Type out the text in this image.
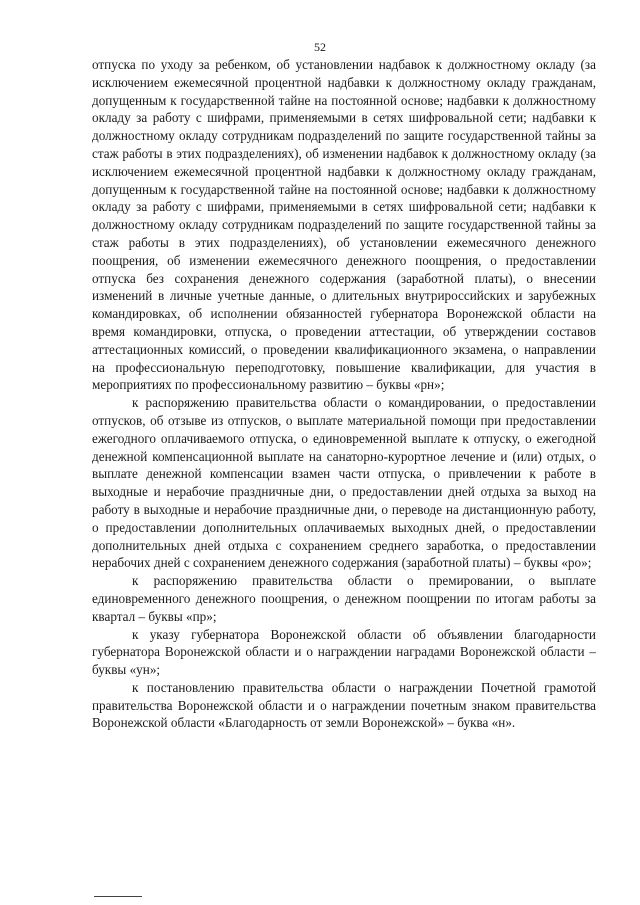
52

отпуска по уходу за ребенком, об установлении надбавок к должностному окладу (за исключением ежемесячной процентной надбавки к должностному окладу гражданам, допущенным к государственной тайне на постоянной основе; надбавки к должностному окладу за работу с шифрами, применяемыми в сетях шифровальной сети; надбавки к должностному окладу сотрудникам подразделений по защите государственной тайны за стаж работы в этих подразделениях), об изменении надбавок к должностному окладу (за исключением ежемесячной процентной надбавки к должностному окладу гражданам, допущенным к государственной тайне на постоянной основе; надбавки к должностному окладу за работу с шифрами, применяемыми в сетях шифровальной сети; надбавки к должностному окладу сотрудникам подразделений по защите государственной тайны за стаж работы в этих подразделениях), об установлении ежемесячного денежного поощрения, об изменении ежемесячного денежного поощрения, о предоставлении отпуска без сохранения денежного содержания (заработной платы), о внесении изменений в личные учетные данные, о длительных внутрироссийских и зарубежных командировках, об исполнении обязанностей губернатора Воронежской области на время командировки, отпуска, о проведении аттестации, об утверждении составов аттестационных комиссий, о проведении квалификационного экзамена, о направлении на профессиональную переподготовку, повышение квалификации, для участия в мероприятиях по профессиональному развитию – буквы «рн»;

к распоряжению правительства области о командировании, о предоставлении отпусков, об отзыве из отпусков, о выплате материальной помощи при предоставлении ежегодного оплачиваемого отпуска, о единовременной выплате к отпуску, о ежегодной денежной компенсационной выплате на санаторно-курортное лечение и (или) отдых, о выплате денежной компенсации взамен части отпуска, о привлечении к работе в выходные и нерабочие праздничные дни, о предоставлении дней отдыха за выход на работу в выходные и нерабочие праздничные дни, о переводе на дистанционную работу, о предоставлении дополнительных оплачиваемых выходных дней, о предоставлении дополнительных дней отдыха с сохранением среднего заработка, о предоставлении нерабочих дней с сохранением денежного содержания (заработной платы) – буквы «ро»;

к распоряжению правительства области о премировании, о выплате единовременного денежного поощрения, о денежном поощрении по итогам работы за квартал – буквы «пр»;

к указу губернатора Воронежской области об объявлении благодарности губернатора Воронежской области и о награждении наградами Воронежской области – буквы «ун»;

к постановлению правительства области о награждении Почетной грамотой правительства Воронежской области и о награждении почетным знаком правительства Воронежской области «Благодарность от земли Воронежской» – буква «н».
